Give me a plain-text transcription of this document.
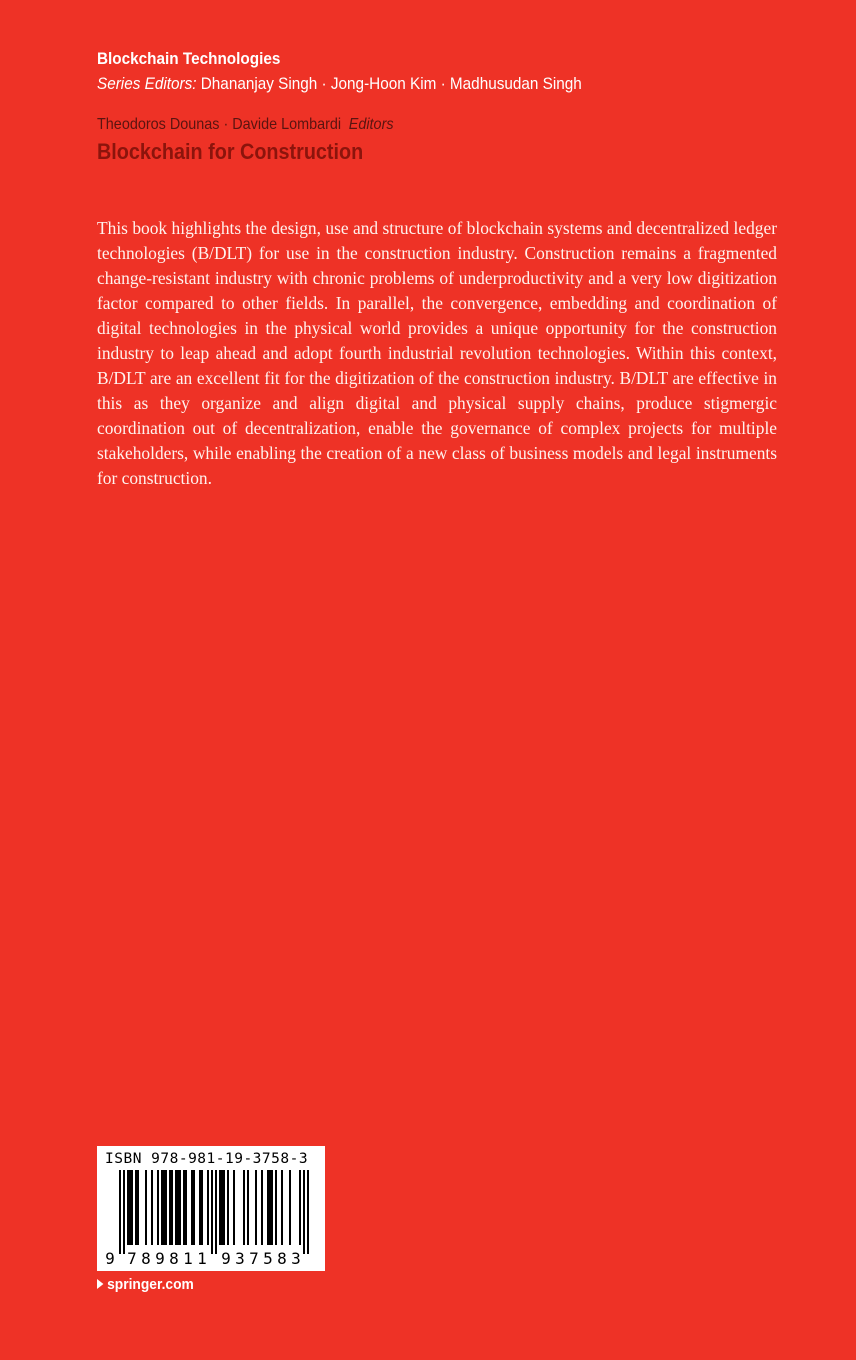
Blockchain Technologies
Series Editors: Dhananjay Singh · Jong-Hoon Kim · Madhusudan Singh
Theodoros Dounas · Davide Lombardi Editors
Blockchain for Construction

This book highlights the design, use and structure of blockchain systems and decentralized ledger technologies (B/DLT) for use in the construction industry. Construction remains a fragmented change-resistant industry with chronic problems of underproductivity and a very low digitization factor compared to other fields. In parallel, the convergence, embedding and coordination of digital technologies in the physical world provides a unique opportunity for the construction industry to leap ahead and adopt fourth industrial revolution technologies. Within this context, B/DLT are an excellent fit for the digitization of the construction industry. B/DLT are effective in this as they organize and align digital and physical supply chains, produce stigmergic coordination out of decentralization, enable the governance of complex projects for multiple stakeholders, while enabling the creation of a new class of business models and legal instruments for construction.

ISBN 978-981-19-3758-3
9 7 8 9 8 1 1 9 3 7 5 8 3
springer.com
